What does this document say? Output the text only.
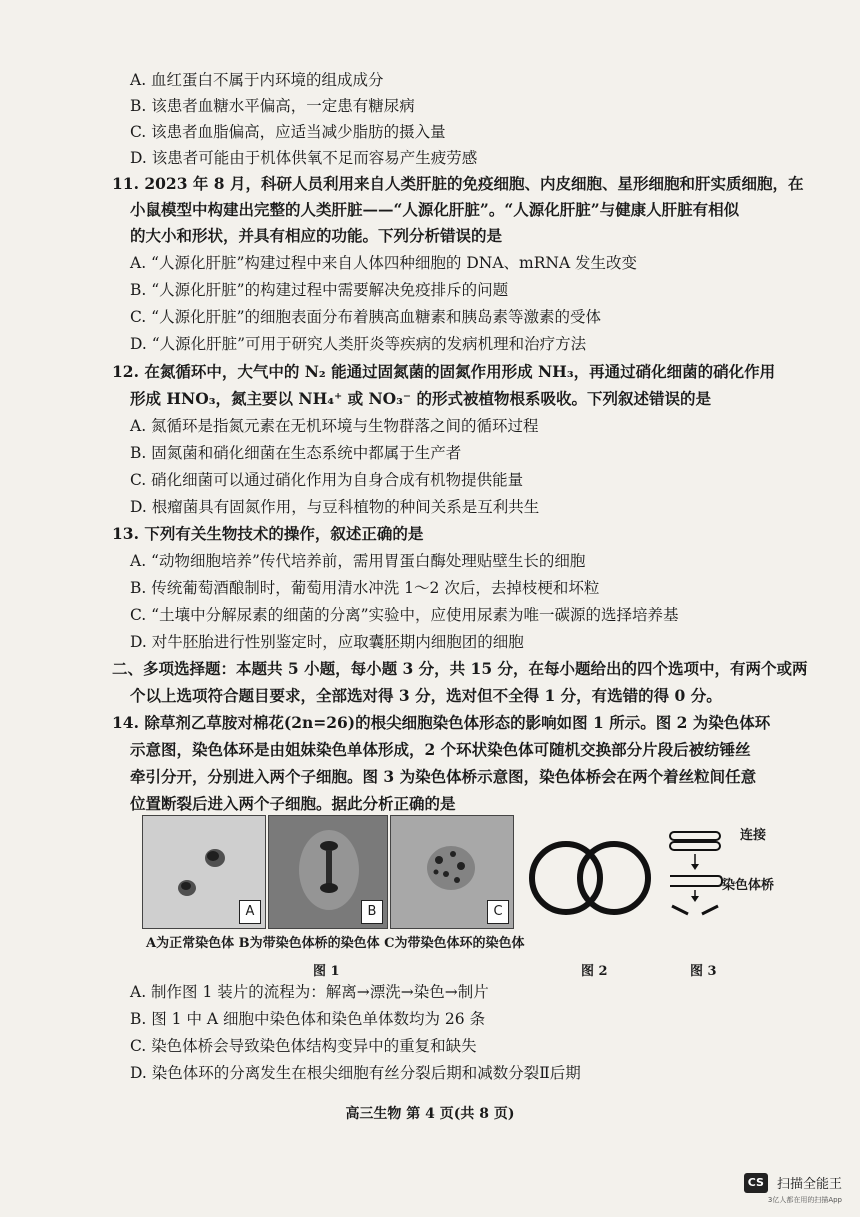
A. 血红蛋白不属于内环境的组成成分
B. 该患者血糖水平偏高，一定患有糖尿病
C. 该患者血脂偏高，应适当减少脂肪的摄入量
D. 该患者可能由于机体供氧不足而容易产生疲劳感
11. 2023 年 8 月，科研人员利用来自人类肝脏的免疫细胞、内皮细胞、星形细胞和肝实质细胞，在
小鼠模型中构建出完整的人类肝脏——“人源化肝脏”。“人源化肝脏”与健康人肝脏有相似
的大小和形状，并具有相应的功能。下列分析错误的是
A. “人源化肝脏”构建过程中来自人体四种细胞的 DNA、mRNA 发生改变
B. “人源化肝脏”的构建过程中需要解决免疫排斥的问题
C. “人源化肝脏”的细胞表面分布着胰高血糖素和胰岛素等激素的受体
D. “人源化肝脏”可用于研究人类肝炎等疾病的发病机理和治疗方法
12. 在氮循环中，大气中的 N₂ 能通过固氮菌的固氮作用形成 NH₃，再通过硝化细菌的硝化作用
形成 HNO₃，氮主要以 NH₄⁺ 或 NO₃⁻ 的形式被植物根系吸收。下列叙述错误的是
A. 氮循环是指氮元素在无机环境与生物群落之间的循环过程
B. 固氮菌和硝化细菌在生态系统中都属于生产者
C. 硝化细菌可以通过硝化作用为自身合成有机物提供能量
D. 根瘤菌具有固氮作用，与豆科植物的种间关系是互利共生
13. 下列有关生物技术的操作，叙述正确的是
A. “动物细胞培养”传代培养前，需用胃蛋白酶处理贴壁生长的细胞
B. 传统葡萄酒酿制时，葡萄用清水冲洗 1～2 次后，去掉枝梗和坏粒
C. “土壤中分解尿素的细菌的分离”实验中，应使用尿素为唯一碳源的选择培养基
D. 对牛胚胎进行性别鉴定时，应取囊胚期内细胞团的细胞
二、多项选择题：本题共 5 小题，每小题 3 分，共 15 分，在每小题给出的四个选项中，有两个或两
个以上选项符合题目要求，全部选对得 3 分，选对但不全得 1 分，有选错的得 0 分。
14. 除草剂乙草胺对棉花(2n=26)的根尖细胞染色体形态的影响如图 1 所示。图 2 为染色体环
示意图，染色体环是由姐妹染色单体形成，2 个环状染色体可随机交换部分片段后被纺锤丝
牵引分开，分别进入两个子细胞。图 3 为染色体桥示意图，染色体桥会在两个着丝粒间任意
位置断裂后进入两个子细胞。据此分析正确的是
A	B	C
连接
染色体桥
A为正常染色体 B为带染色体桥的染色体 C为带染色体环的染色体
图 1	图 2	图 3
A. 制作图 1 装片的流程为：解离→漂洗→染色→制片
B. 图 1 中 A 细胞中染色体和染色单体数均为 26 条
C. 染色体桥会导致染色体结构变异中的重复和缺失
D. 染色体环的分离发生在根尖细胞有丝分裂后期和减数分裂Ⅱ后期
高三生物 第 4 页(共 8 页)
CS 扫描全能王
3亿人都在用的扫描App
